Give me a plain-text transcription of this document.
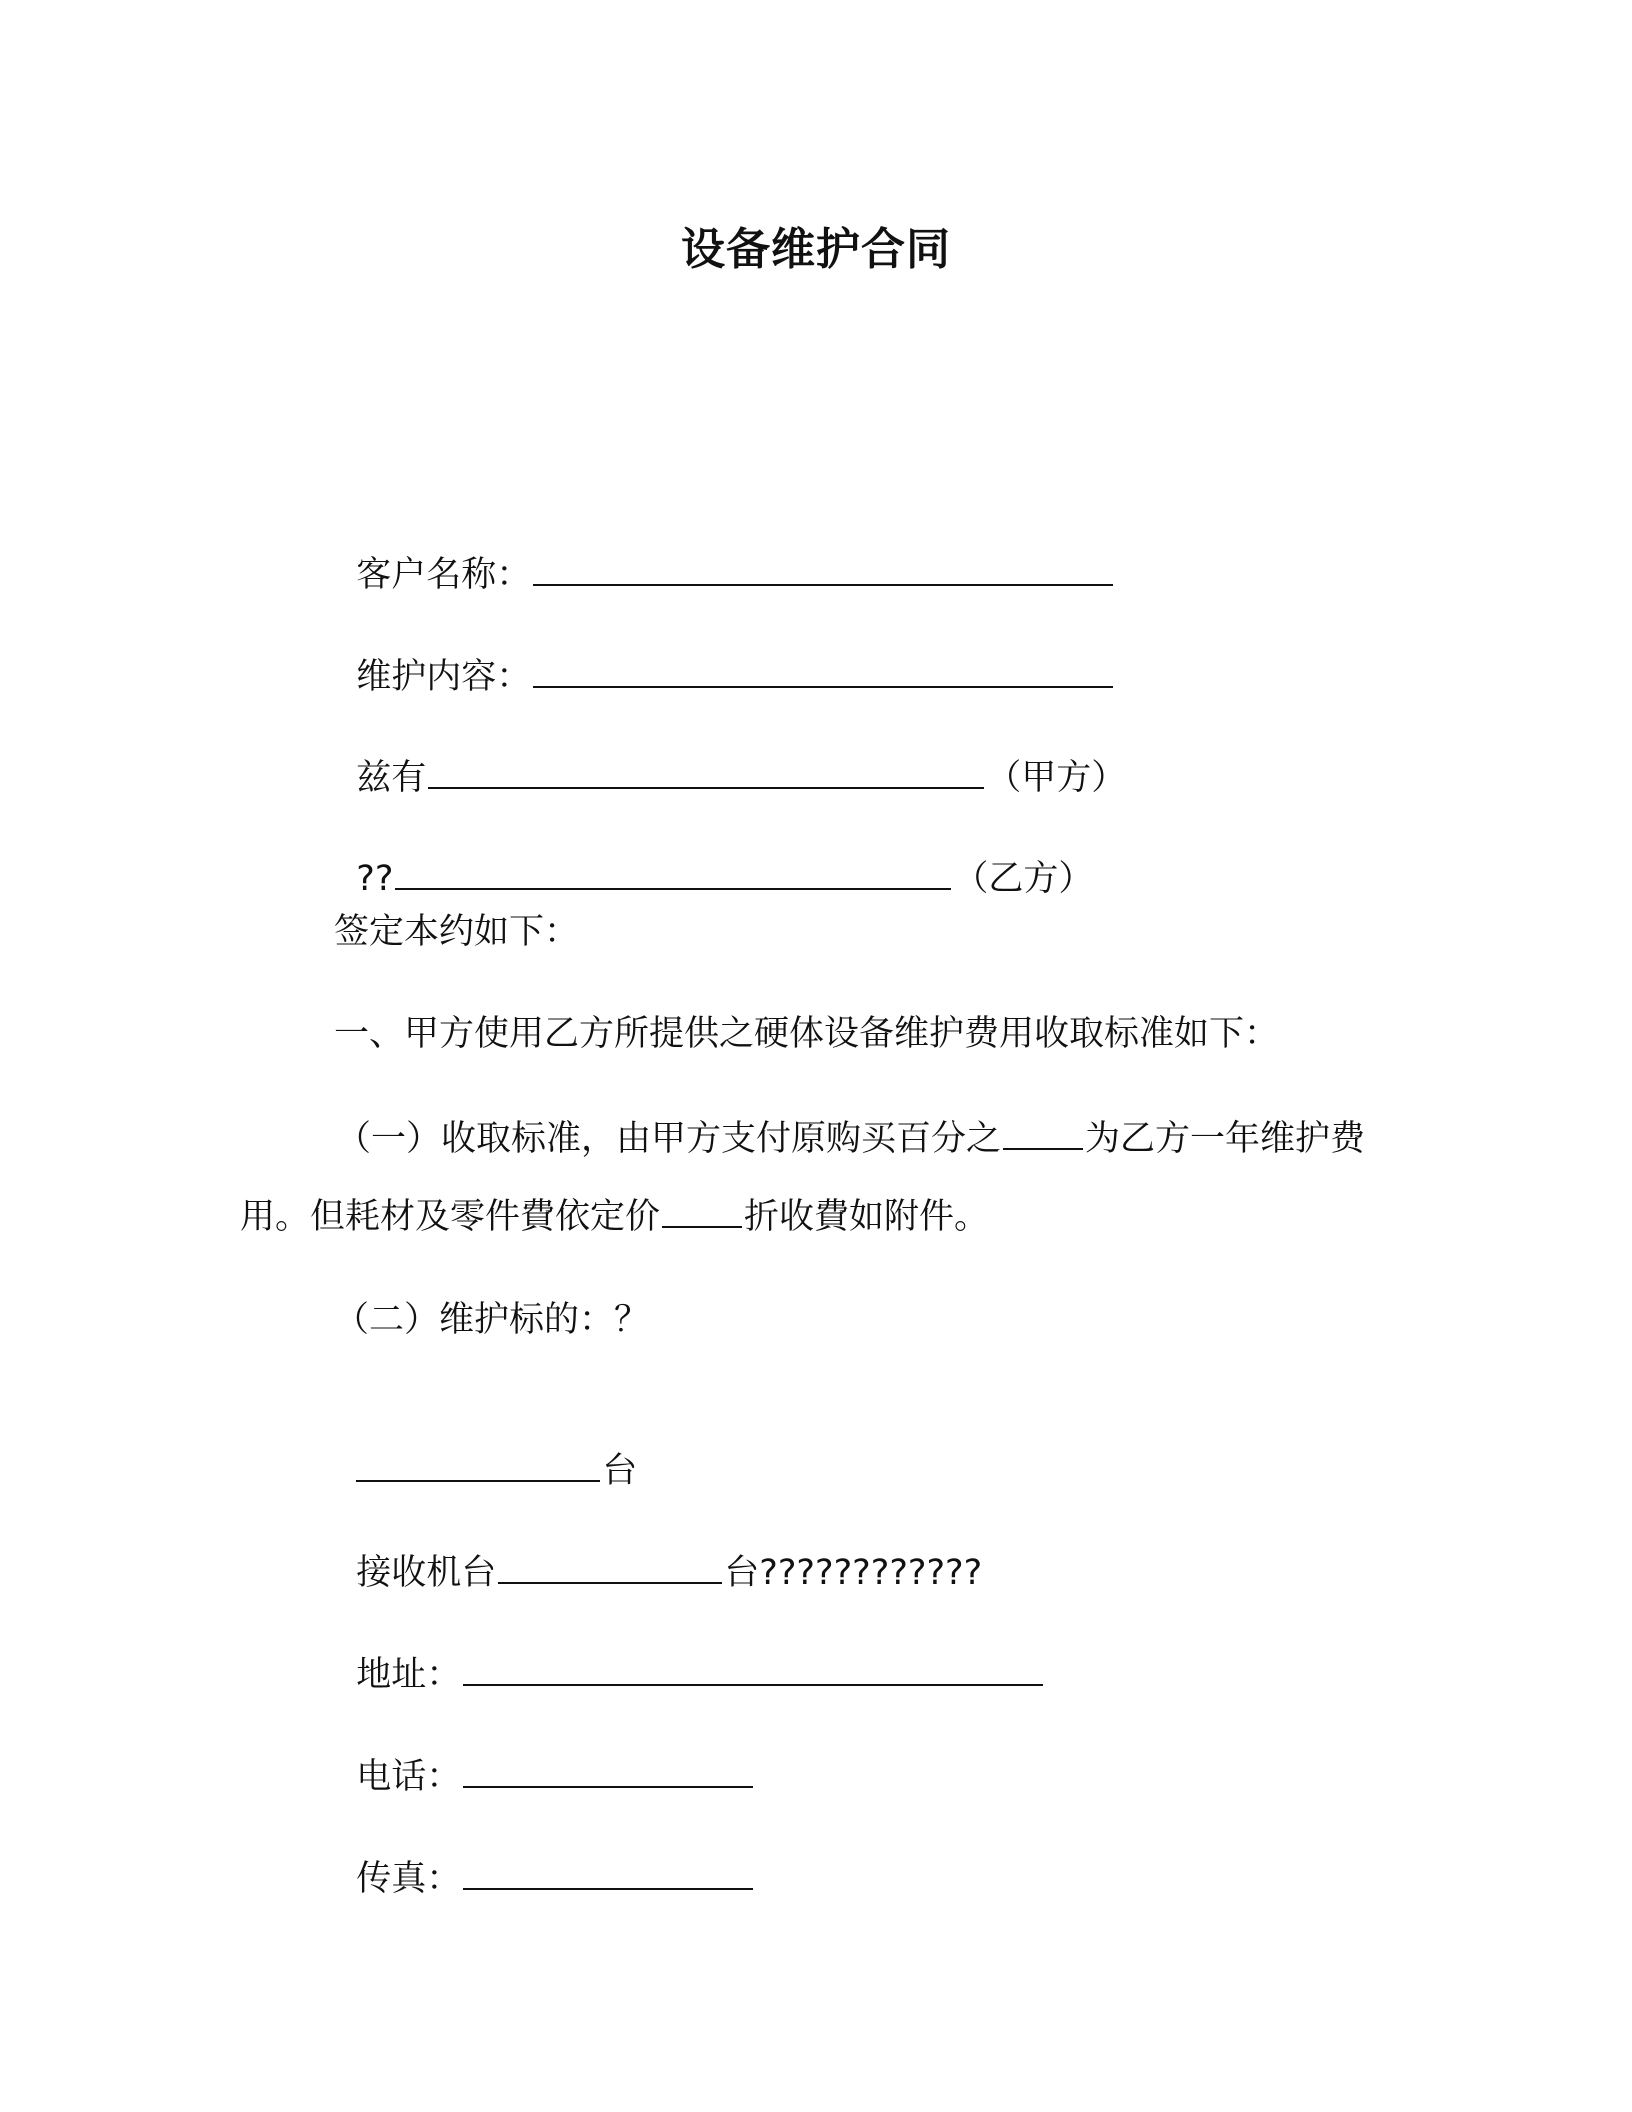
设备维护合同

客户名称：

维护内容：

兹有	（甲方）

??	（乙方）

签定本约如下：
一、甲方使用乙方所提供之硬体设备维护费用收取标准如下：
（一）收取标准，由甲方支付原购买百分之 为乙方一年维护费用。但耗材及零件費依定价 折收費如附件。
（二）维护标的：？

台

接收机台	台????????????

地址：

电话：

传真：
